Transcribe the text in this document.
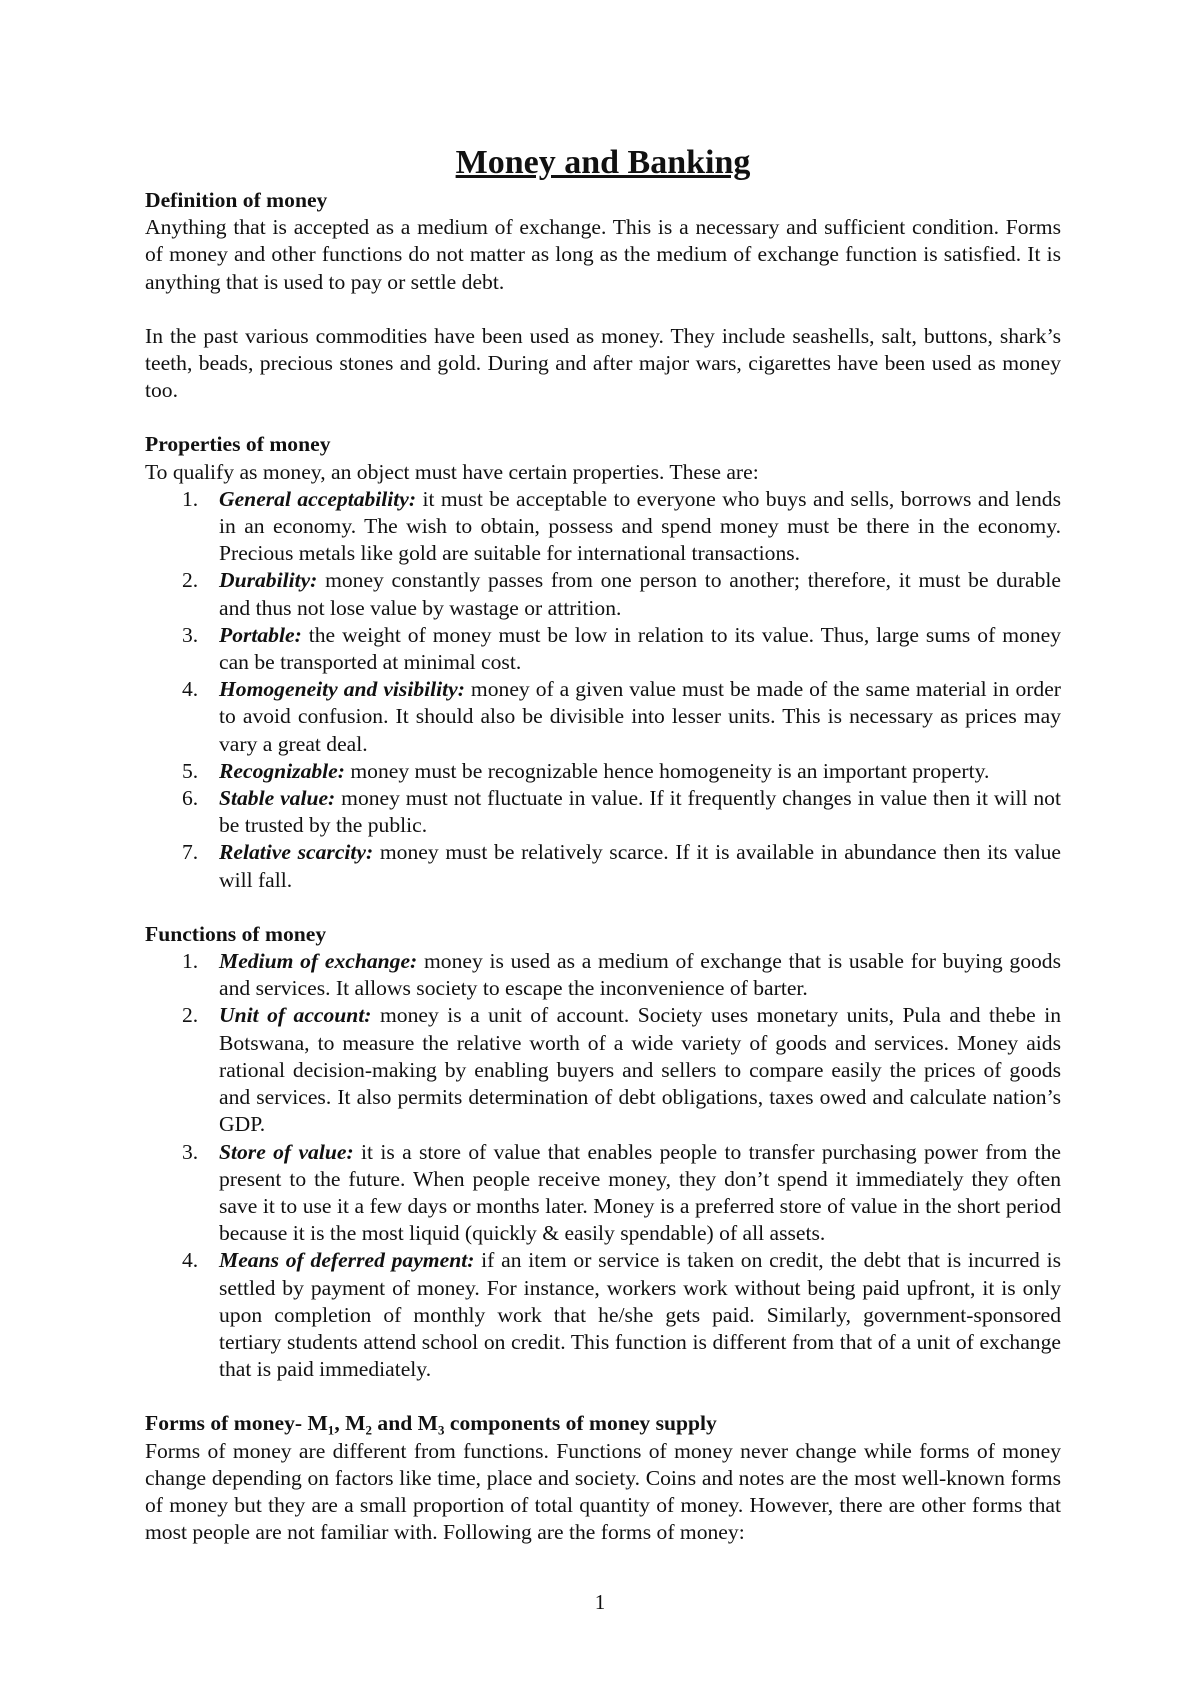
Money and Banking
Definition of money

Anything that is accepted as a medium of exchange. This is a necessary and sufficient condition. Forms of money and other functions do not matter as long as the medium of exchange function is satisfied. It is anything that is used to pay or settle debt.

In the past various commodities have been used as money. They include seashells, salt, buttons, shark’s teeth, beads, precious stones and gold. During and after major wars, cigarettes have been used as money too.

Properties of money

To qualify as money, an object must have certain properties. These are:

1. General acceptability: it must be acceptable to everyone who buys and sells, borrows and lends in an economy. The wish to obtain, possess and spend money must be there in the economy. Precious metals like gold are suitable for international transactions.
2. Durability: money constantly passes from one person to another; therefore, it must be durable and thus not lose value by wastage or attrition.
3. Portable: the weight of money must be low in relation to its value. Thus, large sums of money can be transported at minimal cost.
4. Homogeneity and visibility: money of a given value must be made of the same material in order to avoid confusion. It should also be divisible into lesser units. This is necessary as prices may vary a great deal.
5. Recognizable: money must be recognizable hence homogeneity is an important property.
6. Stable value: money must not fluctuate in value. If it frequently changes in value then it will not be trusted by the public.
7. Relative scarcity: money must be relatively scarce. If it is available in abundance then its value will fall.
Functions of money
1. Medium of exchange: money is used as a medium of exchange that is usable for buying goods and services. It allows society to escape the inconvenience of barter.
2. Unit of account: money is a unit of account. Society uses monetary units, Pula and thebe in Botswana, to measure the relative worth of a wide variety of goods and services. Money aids rational decision-making by enabling buyers and sellers to compare easily the prices of goods and services. It also permits determination of debt obligations, taxes owed and calculate nation’s GDP.
3. Store of value: it is a store of value that enables people to transfer purchasing power from the present to the future. When people receive money, they don’t spend it immediately they often save it to use it a few days or months later. Money is a preferred store of value in the short period because it is the most liquid (quickly & easily spendable) of all assets.
4. Means of deferred payment: if an item or service is taken on credit, the debt that is incurred is settled by payment of money. For instance, workers work without being paid upfront, it is only upon completion of monthly work that he/she gets paid. Similarly, government-sponsored tertiary students attend school on credit. This function is different from that of a unit of exchange that is paid immediately.
Forms of money- M₁, M₂ and M₃ components of money supply

Forms of money are different from functions. Functions of money never change while forms of money change depending on factors like time, place and society. Coins and notes are the most well-known forms of money but they are a small proportion of total quantity of money. However, there are other forms that most people are not familiar with. Following are the forms of money:

1
